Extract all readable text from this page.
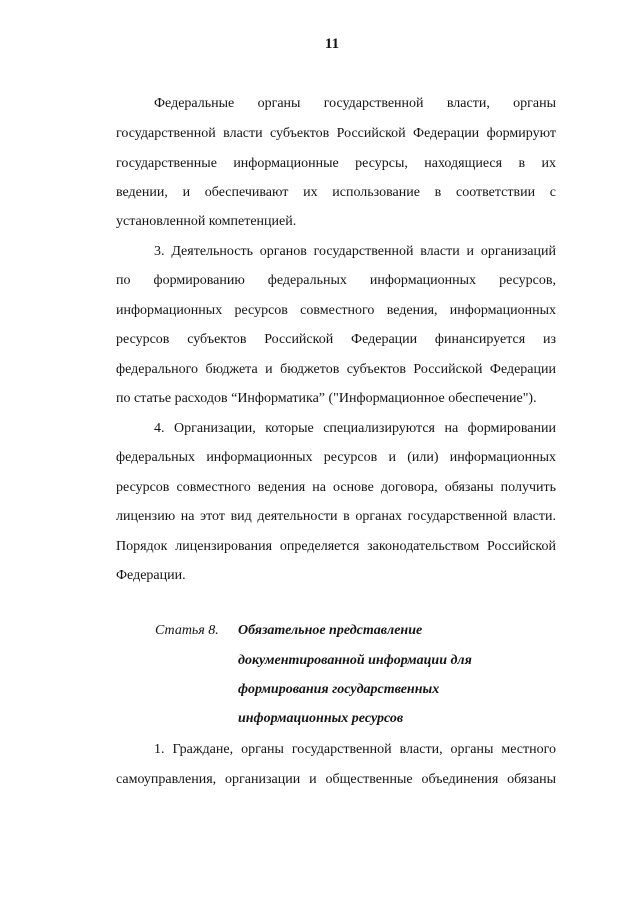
11
Федеральные органы государственной власти, органы
государственной власти субъектов Российской Федерации формируют
государственные информационные ресурсы, находящиеся в их
ведении, и обеспечивают их использование в соответствии с
установленной компетенцией.
3. Деятельность органов государственной власти и организаций
по формированию федеральных информационных ресурсов,
информационных ресурсов совместного ведения, информационных
ресурсов субъектов Российской Федерации финансируется из
федерального бюджета и бюджетов субъектов Российской Федерации
по статье расходов “Информатика” ("Информационное обеспечение").
4. Организации, которые специализируются на формировании
федеральных информационных ресурсов и (или) информационных
ресурсов совместного ведения на основе договора, обязаны получить
лицензию на этот вид деятельности в органах государственной власти.
Порядок лицензирования определяется законодательством Российской
Федерации.
Статья 8. Обязательное представление
документированной информации для
формирования государственных
информационных ресурсов
1. Граждане, органы государственной власти, органы местного
самоуправления, организации и общественные объединения обязаны
